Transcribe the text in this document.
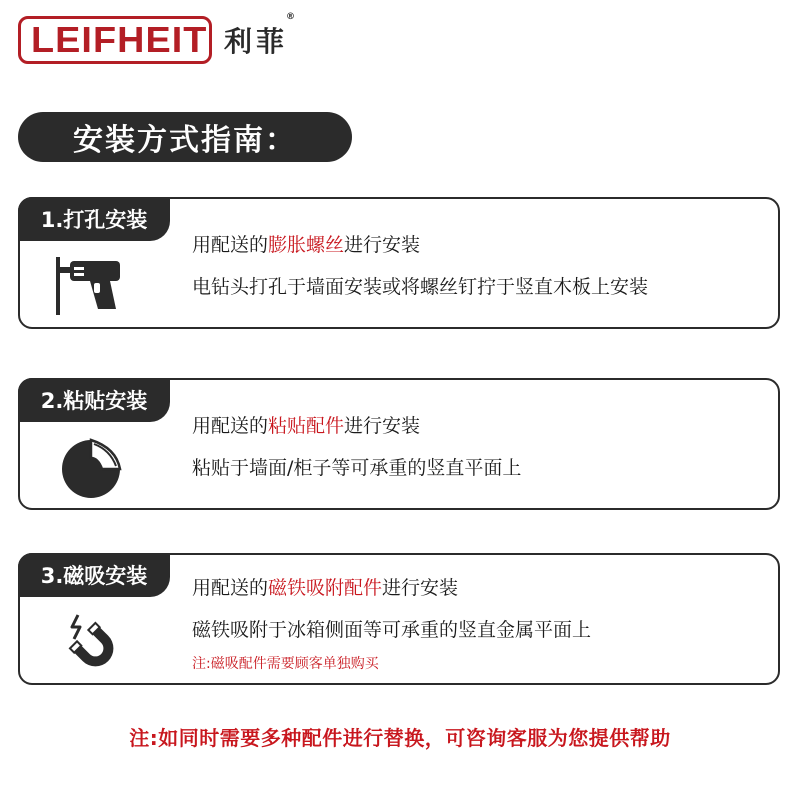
LEIFHEIT 利菲®
安装方式指南：
1.打孔安装
用配送的膨胀螺丝进行安装
电钻头打孔于墙面安装或将螺丝钉拧于竖直木板上安装
2.粘贴安装
用配送的粘贴配件进行安装
粘贴于墙面/柜子等可承重的竖直平面上
3.磁吸安装	用配送的磁铁吸附配件进行安装
磁铁吸附于冰箱侧面等可承重的竖直金属平面上
注:磁吸配件需要顾客单独购买
注:如同时需要多种配件进行替换，可咨询客服为您提供帮助
